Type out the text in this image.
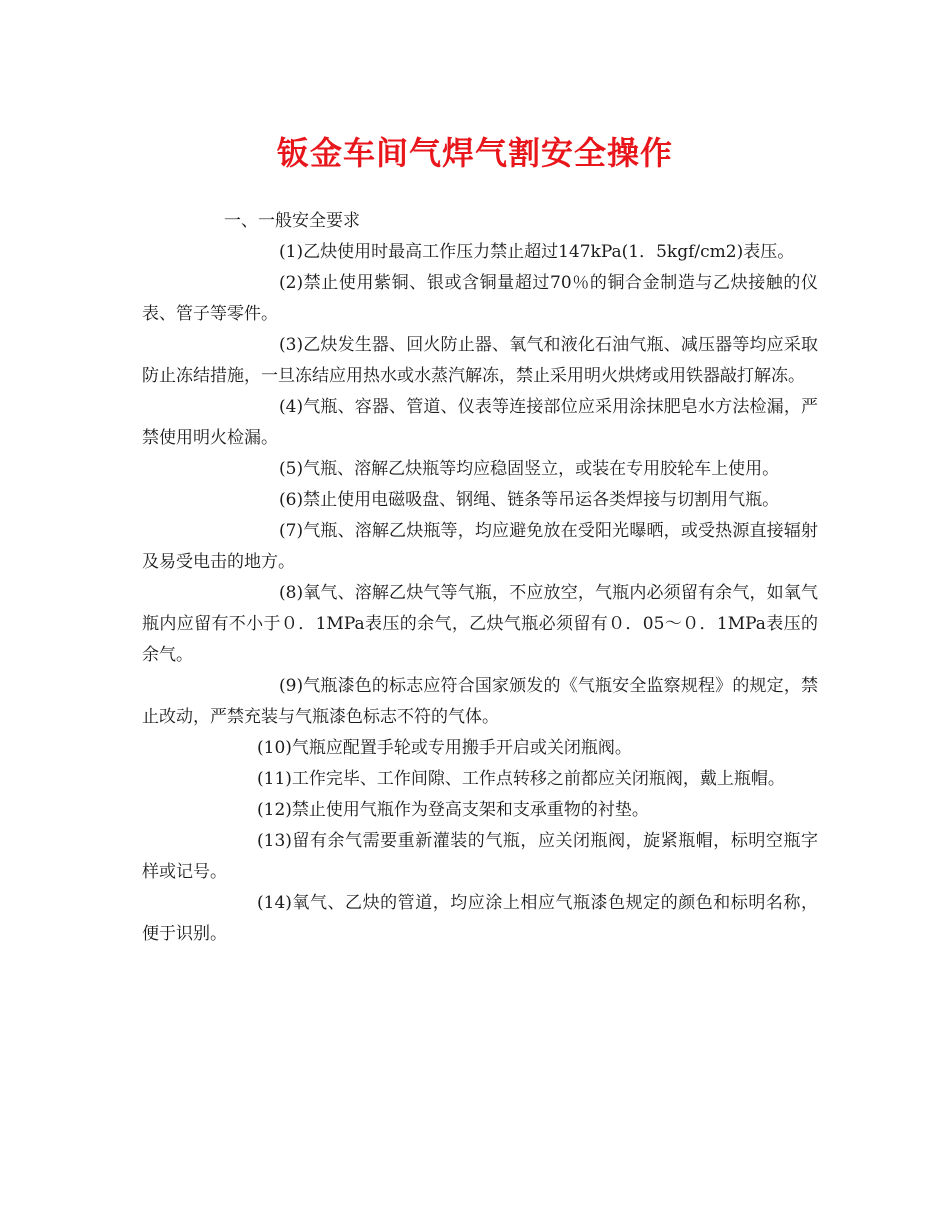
钣金车间气焊气割安全操作

一、一般安全要求

(1)乙炔使用时最高工作压力禁止超过147kPa(1．5kgf/cm2)表压。

(2)禁止使用紫铜、银或含铜量超过70％的铜合金制造与乙炔接触的仪表、管子等零件。

(3)乙炔发生器、回火防止器、氧气和液化石油气瓶、减压器等均应采取防止冻结措施，一旦冻结应用热水或水蒸汽解冻，禁止采用明火烘烤或用铁器敲打解冻。

(4)气瓶、容器、管道、仪表等连接部位应采用涂抹肥皂水方法检漏，严禁使用明火检漏。

(5)气瓶、溶解乙炔瓶等均应稳固竖立，或装在专用胶轮车上使用。

(6)禁止使用电磁吸盘、钢绳、链条等吊运各类焊接与切割用气瓶。

(7)气瓶、溶解乙炔瓶等，均应避免放在受阳光曝晒，或受热源直接辐射及易受电击的地方。

(8)氧气、溶解乙炔气等气瓶，不应放空，气瓶内必须留有余气，如氧气瓶内应留有不小于０．1MPa表压的余气，乙炔气瓶必须留有０．05～０．1MPa表压的余气。

(9)气瓶漆色的标志应符合国家颁发的《气瓶安全监察规程》的规定，禁止改动，严禁充装与气瓶漆色标志不符的气体。

(10)气瓶应配置手轮或专用搬手开启或关闭瓶阀。

(11)工作完毕、工作间隙、工作点转移之前都应关闭瓶阀，戴上瓶帽。

(12)禁止使用气瓶作为登高支架和支承重物的衬垫。

(13)留有余气需要重新灌装的气瓶，应关闭瓶阀，旋紧瓶帽，标明空瓶字样或记号。

(14)氧气、乙炔的管道，均应涂上相应气瓶漆色规定的颜色和标明名称，便于识别。
